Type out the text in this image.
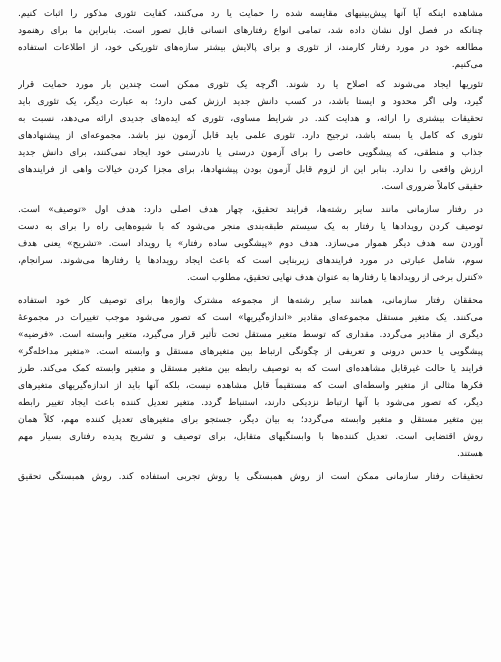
مشاهده اینکه آیا آنها پیش‌بینیهای مقایسه شده را حمایت یا رد می‌کنند، کفایت تئوری مذکور را اثبات کنیم.
چنانکه در فصل اول نشان داده شد، تمامی انواع رفتارهای انسانی قابل تصور است. بنابراین ما برای رهنمود
مطالعه خود در مورد رفتار کارمند، از تئوری و برای پالایش بیشتر سازه‌های تئوریکی خود، از اطلاعات استفاده
می‌کنیم.

تئوریها ایجاد می‌شوند که اصلاح یا رد شوند. اگرچه یک تئوری ممکن است چندین بار مورد حمایت قرار
گیرد، ولی اگر محدود و ایستا باشد، در کسب دانش جدید ارزش کمی دارد؛ به عبارت دیگر، یک تئوری باید
تحقیقات بیشتری را ارائه، و هدایت کند. در شرایط مساوی، تئوری که ایده‌های جدیدی ارائه می‌دهد، نسبت به
تئوری که کامل یا بسته باشد، ترجیح دارد. تئوری علمی باید قابل آزمون نیز باشد. مجموعه‌ای از پیشنهادهای
جذاب و منطقی، که پیشگویی خاصی را برای آزمون درستی یا نادرستی خود ایجاد نمی‌کنند، برای دانش جدید
ارزش واقعی را ندارد. بنابر این از لزوم قابل آزمون بودن پیشنهادها، برای مجزا کردن خیالات واهی از فرایندهای
حقیقی کاملاً ضروری است.

در رفتار سازمانی مانند سایر رشته‌ها، فرایند تحقیق، چهار هدف اصلی دارد: هدف اول «توصیف» است.
توصیف کردن رویدادها یا رفتار به یک سیستم طبقه‌بندی منجر می‌شود که با شیوه‌هایی راه را برای به دست
آوردن سه هدف دیگر هموار می‌سازد. هدف دوم «پیشگویی ساده رفتار» یا رویداد است. «تشریح» یعنی هدف
سوم، شامل عبارتی در مورد فرایندهای زیربنایی است که باعث ایجاد رویدادها یا رفتارها می‌شوند. سرانجام،
«کنترل برخی از رویدادها یا رفتارها به عنوان هدف نهایی تحقیق، مطلوب است.

محققان رفتار سازمانی، همانند سایر رشته‌ها از مجموعه مشترک واژه‌ها برای توصیف کار خود استفاده
می‌کنند. یک متغیر مستقل مجموعه‌ای مقادیر «اندازه‌گیریها» است که تصور می‌شود موجب تغییرات در مجموعهٔ
دیگری از مقادیر می‌گردد. مقداری که توسط متغیر مستقل تحت تأثیر قرار می‌گیرد، متغیر وابسته است. «فرضیه»
پیشگویی یا حدس درونی و تعریفی از چگونگی ارتباط بین متغیرهای مستقل و وابسته است. «متغیر مداخله‌گر»
فرایند یا حالت غیرقابل مشاهده‌ای است که به توصیف رابطه بین متغیر مستقل و متغیر وابسته کمک می‌کند. طرز
فکرها مثالی از متغیر واسطه‌ای است که مستقیماً قابل مشاهده نیست، بلکه آنها باید از اندازه‌گیریهای متغیرهای
دیگر، که تصور می‌شود با آنها ارتباط نزدیکی دارند، استنباط گردد. متغیر تعدیل کننده باعث ایجاد تغییر رابطه
بین متغیر مستقل و متغیر وابسته می‌گردد؛ به بیان دیگر، جستجو برای متغیرهای تعدیل کننده مهم، کلاً همان
روش اقتضایی است. تعدیل کننده‌ها با وابستگیهای متقابل، برای توصیف و تشریح پدیده رفتاری بسیار مهم
هستند.

تحقیقات رفتار سازمانی ممکن است از روش همبستگی یا روش تجربی استفاده کند. روش همبستگی تحقیق
